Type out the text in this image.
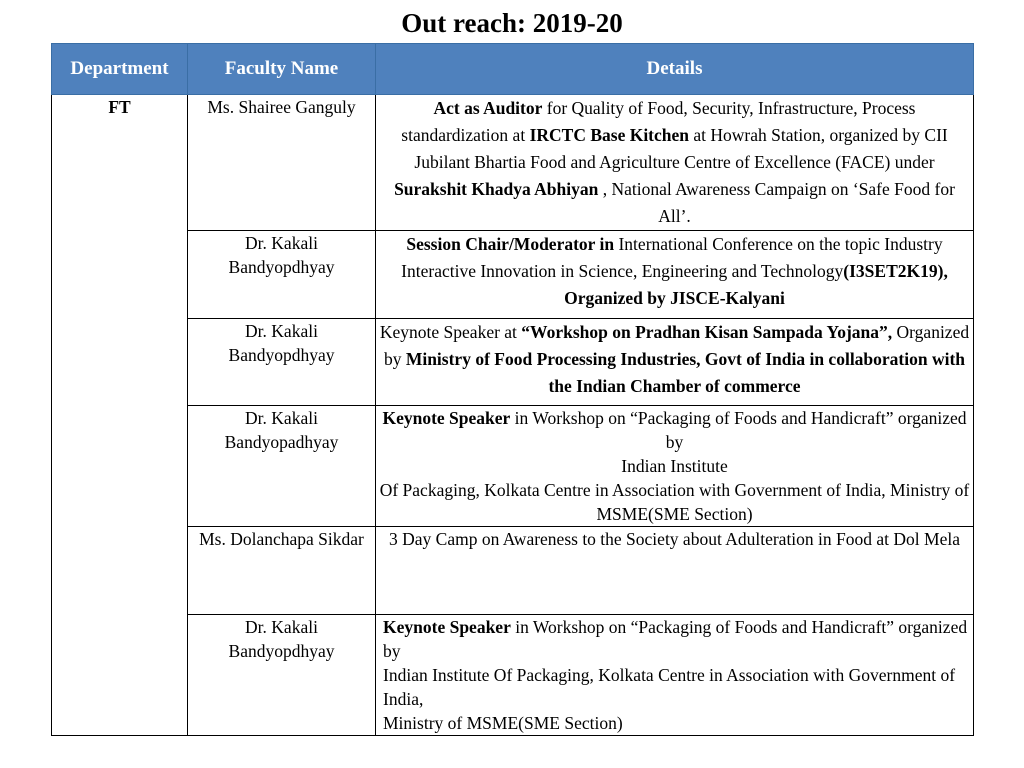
Out reach: 2019-20
Department	Faculty Name	Details
FT	Ms. Shairee Ganguly	Act as Auditor for Quality of Food, Security, Infrastructure, Process standardization at IRCTC Base Kitchen at Howrah Station, organized by CII Jubilant Bhartia Food and Agriculture Centre of Excellence (FACE) under Surakshit Khadya Abhiyan , National Awareness Campaign on ‘Safe Food for All’.
	Dr. Kakali Bandyopdhyay	Session Chair/Moderator in International Conference on the topic Industry Interactive Innovation in Science, Engineering and Technology(I3SET2K19), Organized by JISCE-Kalyani
	Dr. Kakali Bandyopdhyay	Keynote Speaker at “Workshop on Pradhan Kisan Sampada Yojana”, Organized by Ministry of Food Processing Industries, Govt of India in collaboration with the Indian Chamber of commerce
	Dr. Kakali Bandyopadhyay	Keynote Speaker in Workshop on “Packaging of Foods and Handicraft” organized by
Indian Institute
Of Packaging, Kolkata Centre in Association with Government of India, Ministry of MSME(SME Section)
	Ms. Dolanchapa Sikdar	3 Day Camp on Awareness to the Society about Adulteration in Food at Dol Mela
	Dr. Kakali Bandyopdhyay	Keynote Speaker in Workshop on “Packaging of Foods and Handicraft” organized by
Indian Institute Of Packaging, Kolkata Centre in Association with Government of India,
Ministry of MSME(SME Section)
